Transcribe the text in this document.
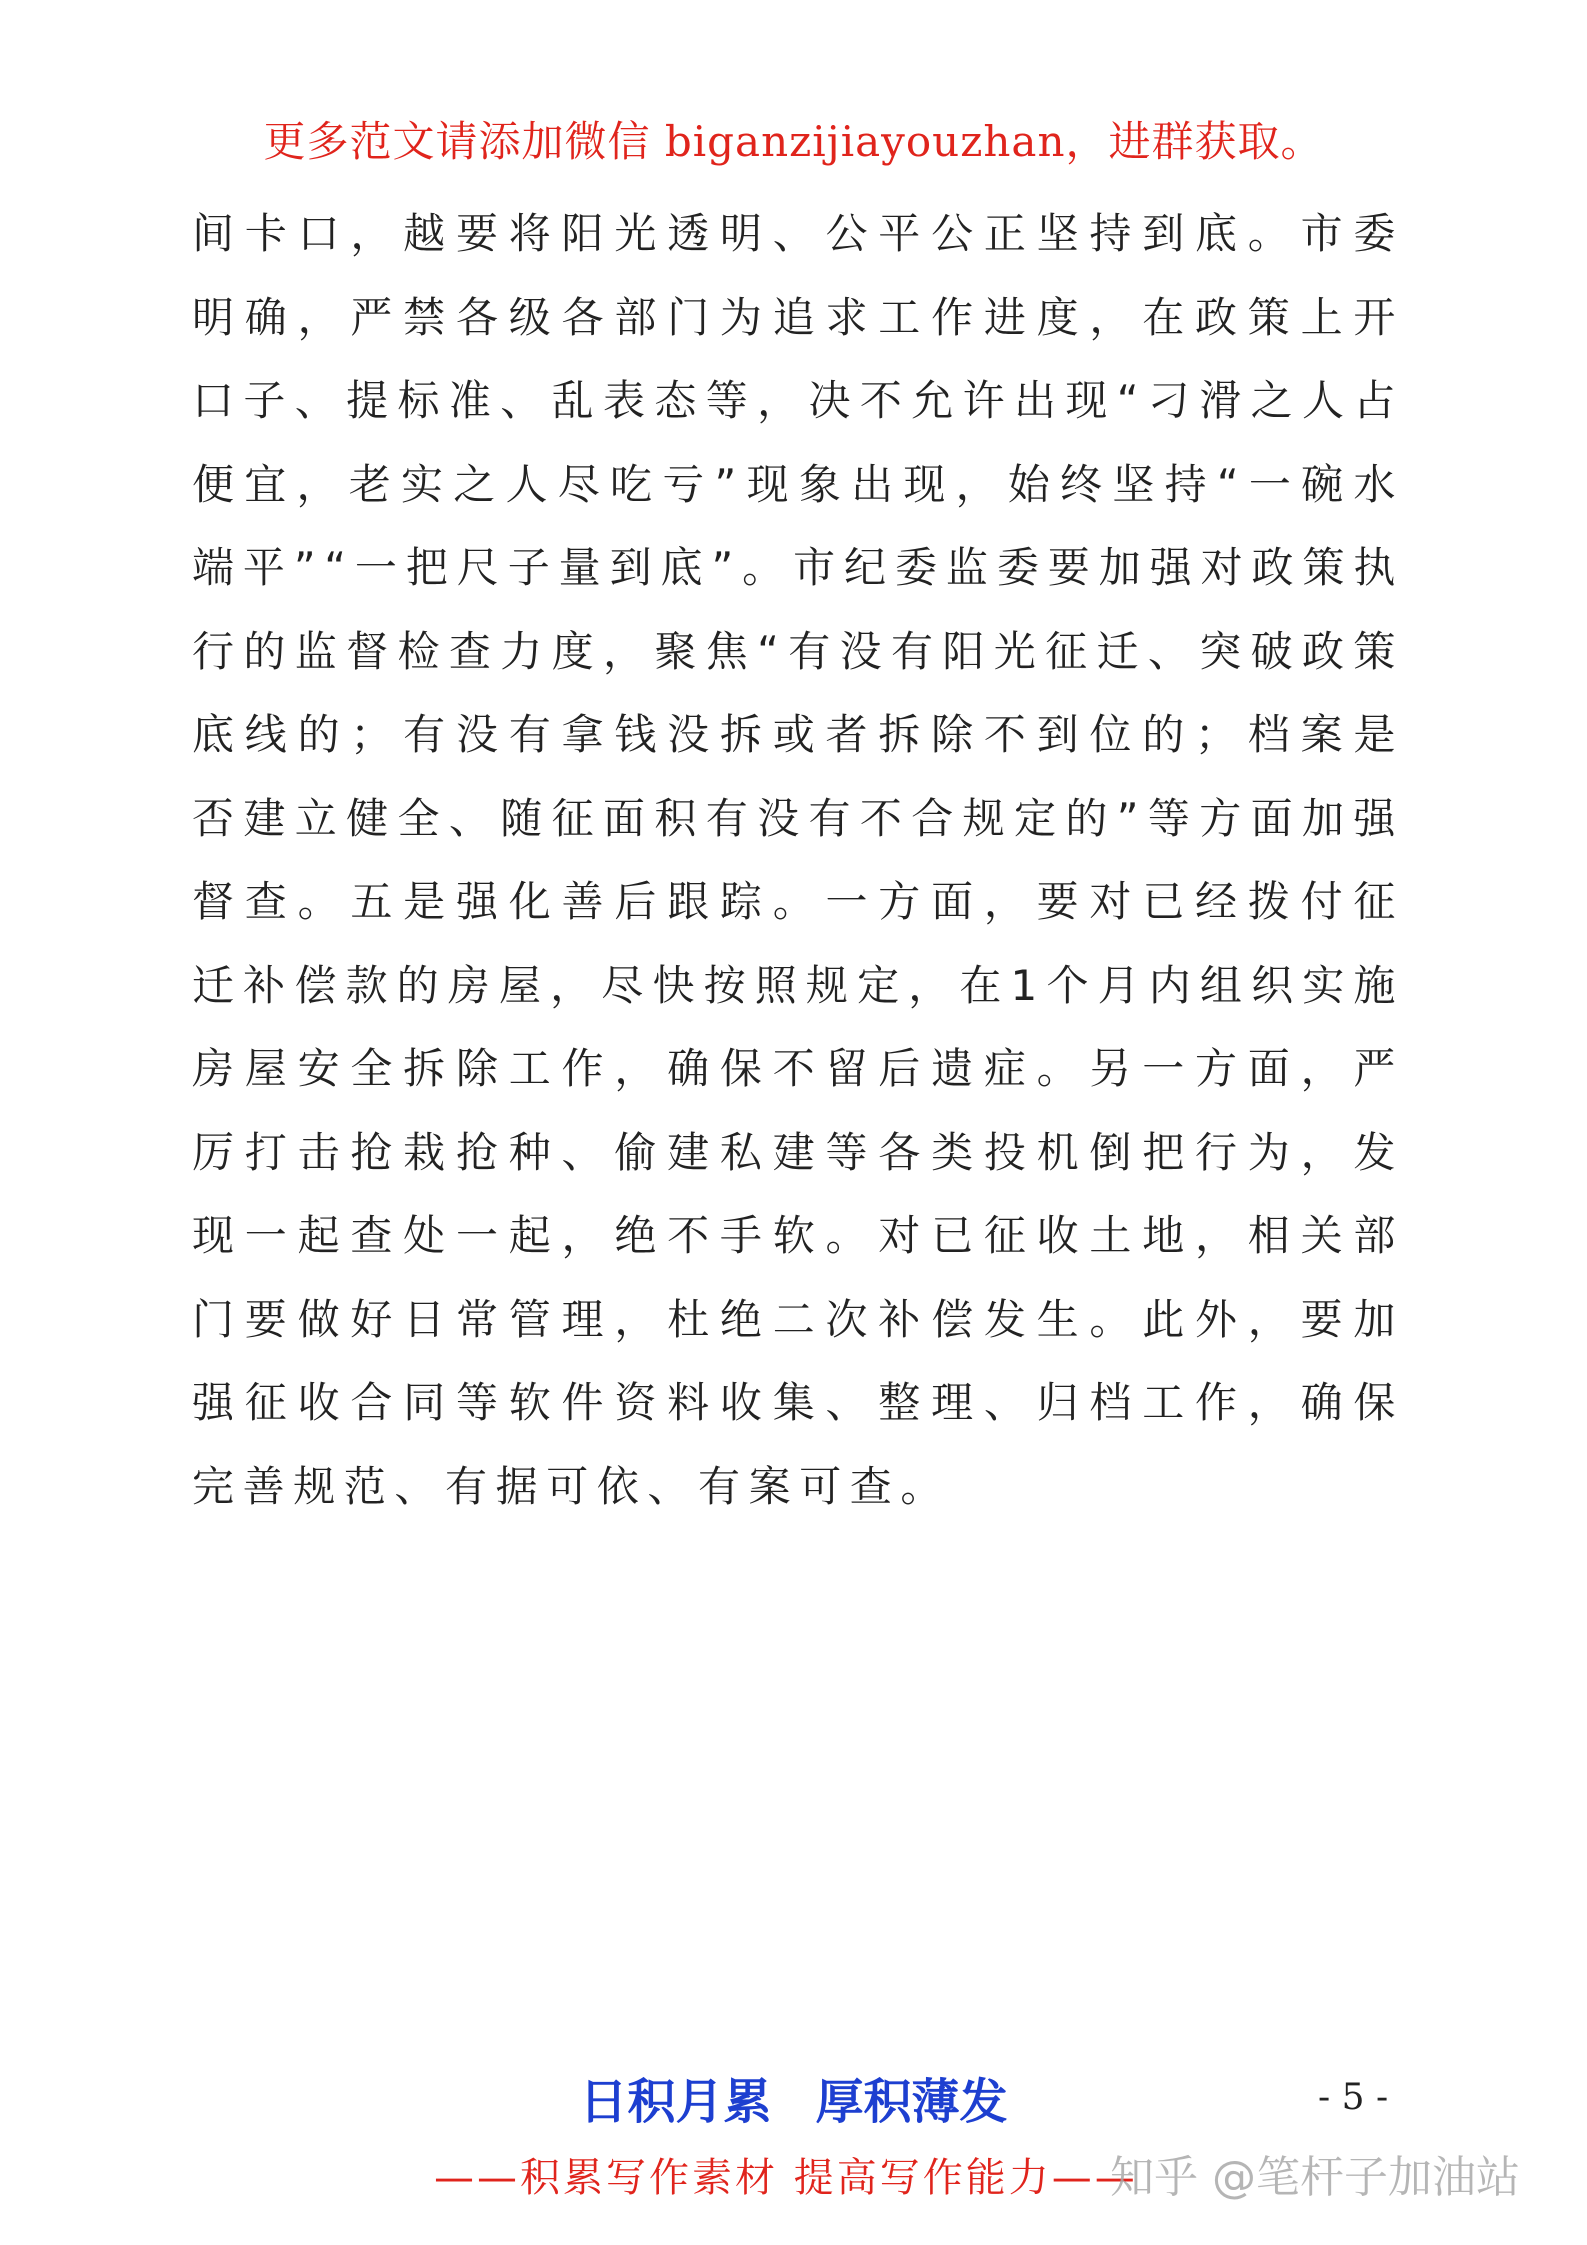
更多范文请添加微信 biganzijiayouzhan，进群获取。

间卡口，越要将阳光透明、公平公正坚持到底。市委明确，严禁各级各部门为追求工作进度，在政策上开口子、提标准、乱表态等，决不允许出现“刁滑之人占便宜，老实之人尽吃亏”现象出现，始终坚持“一碗水端平”“一把尺子量到底”。市纪委监委要加强对政策执行的监督检查力度，聚焦“有没有阳光征迁、突破政策底线的；有没有拿钱没拆或者拆除不到位的；档案是否建立健全、随征面积有没有不合规定的”等方面加强督查。五是强化善后跟踪。一方面，要对已经拨付征迁补偿款的房屋，尽快按照规定，在1个月内组织实施房屋安全拆除工作，确保不留后遗症。另一方面，严厉打击抢栽抢种、偷建私建等各类投机倒把行为，发现一起查处一起，绝不手软。对已征收土地，相关部门要做好日常管理，杜绝二次补偿发生。此外，要加强征收合同等软件资料收集、整理、归档工作，确保完善规范、有据可依、有案可查。

日积月累 厚积薄发	- 5 -
——积累写作素材 提高写作能力——
知乎 @笔杆子加油站
